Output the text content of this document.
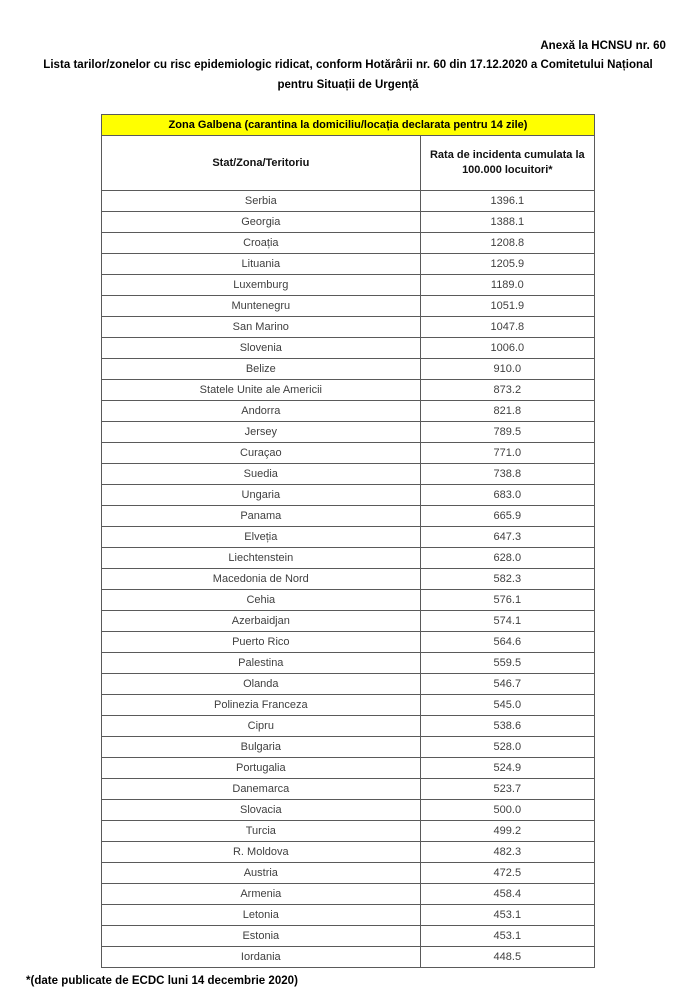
Anexă la HCNSU nr. 60
Lista tarilor/zonelor cu risc epidemiologic ridicat, conform Hotărârii nr. 60 din 17.12.2020 a Comitetului Național
pentru Situații de Urgență
Zona Galbena (carantina la domiciliu/locația declarata pentru 14 zile)	
Stat/Zona/Teritoriu	Rata de incidenta cumulata la
100.000 locuitori*
Serbia	1396.1
Georgia	1388.1
Croația	1208.8
Lituania	1205.9
Luxemburg	1189.0
Muntenegru	1051.9
San Marino	1047.8
Slovenia	1006.0
Belize	910.0
Statele Unite ale Americii	873.2
Andorra	821.8
Jersey	789.5
Curaçao	771.0
Suedia	738.8
Ungaria	683.0
Panama	665.9
Elveția	647.3
Liechtenstein	628.0
Macedonia de Nord	582.3
Cehia	576.1
Azerbaidjan	574.1
Puerto Rico	564.6
Palestina	559.5
Olanda	546.7
Polinezia Franceza	545.0
Cipru	538.6
Bulgaria	528.0
Portugalia	524.9
Danemarca	523.7
Slovacia	500.0
Turcia	499.2
R. Moldova	482.3
Austria	472.5
Armenia	458.4
Letonia	453.1
Estonia	453.1
Iordania	448.5
*(date publicate de ECDC luni 14 decembrie 2020)
